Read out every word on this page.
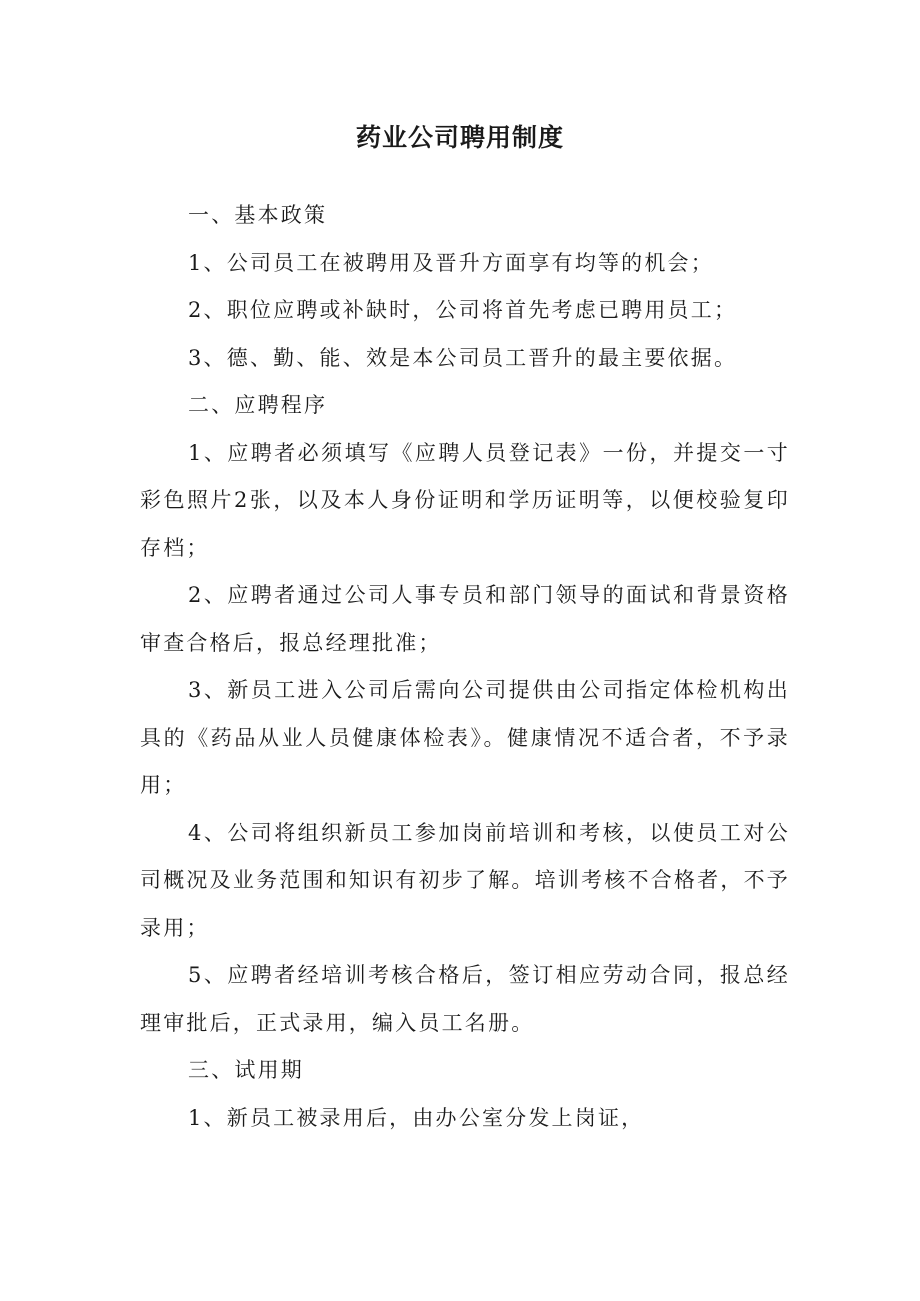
药业公司聘用制度

一、基本政策

1、公司员工在被聘用及晋升方面享有均等的机会；

2、职位应聘或补缺时，公司将首先考虑已聘用员工；

3、德、勤、能、效是本公司员工晋升的最主要依据。

二、应聘程序

1、应聘者必须填写《应聘人员登记表》一份，并提交一寸彩色照片2张，以及本人身份证明和学历证明等，以便校验复印存档；

2、应聘者通过公司人事专员和部门领导的面试和背景资格审查合格后，报总经理批准；

3、新员工进入公司后需向公司提供由公司指定体检机构出具的《药品从业人员健康体检表》。健康情况不适合者，不予录用；

4、公司将组织新员工参加岗前培训和考核，以使员工对公司概况及业务范围和知识有初步了解。培训考核不合格者，不予录用；

5、应聘者经培训考核合格后，签订相应劳动合同，报总经理审批后，正式录用，编入员工名册。

三、试用期

1、新员工被录用后，由办公室分发上岗证，
